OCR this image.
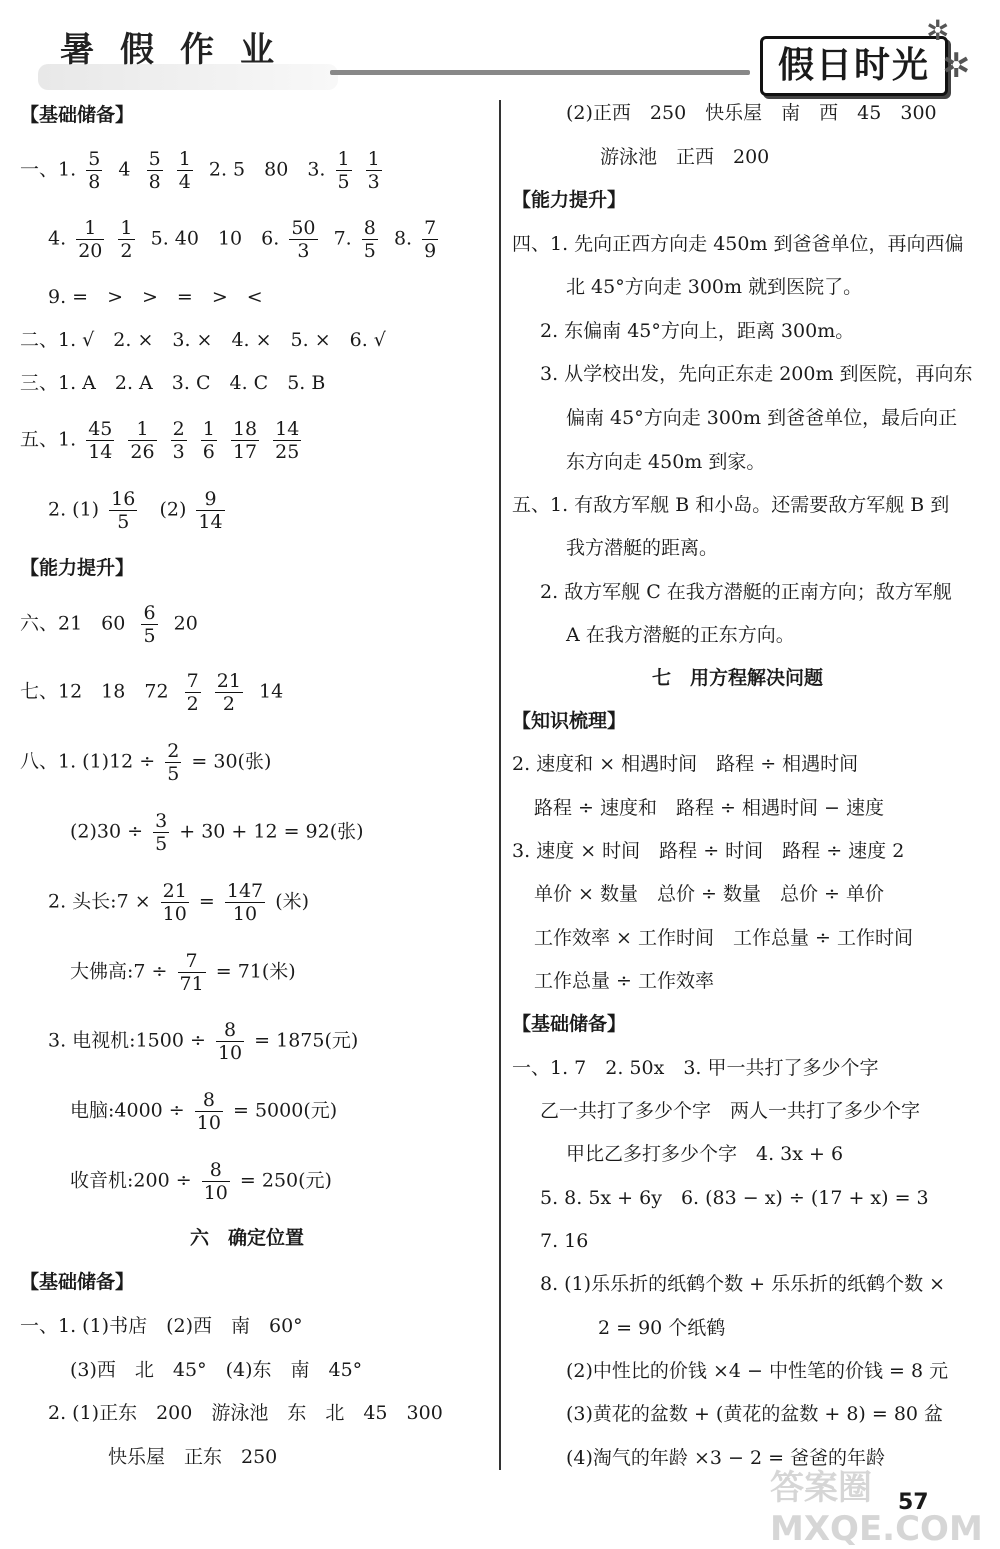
暑假作业	假日时光
✲
✲
【基础储备】
一、1. $\frac{5}{8} 4 \frac{5}{8}$
$\frac{1}{4} 2$. 5　80　3. $\frac{1}{5}$
$\frac{1}{3}$
4. $\frac{1}{20}$
$\frac{1}{2} 5$. 40　10　6. $\frac{50}{3} 7$. $\frac{8}{5} 8$. $\frac{7}{9}$
9. =　>　>　=　>　<
二、1. √　2. ×　3. ×　4. ×　5. ×　6. √
三、1. A　2. A　3. C　4. C　5. B
五、1. $\frac{45}{14}$
$\frac{1}{26}$
$\frac{2}{3}$
$\frac{1}{6}$
$\frac{18}{17}$
$\frac{14}{25}$
2. $(1) \frac{16}{5} (2) \frac{9}{14}$
【能力提升】
六、21　$60 \frac{6}{5} 20$
七、12　18　$72 \frac{7}{2}$
$\frac{21}{2} 14$
八、1. $(1)12 \div \frac{2}{5} = 30$(张)
$(2)30 \div \frac{3}{5} + 30 + 12 = 92$(张)
2. 头长:7 × $\frac{21}{10} = \frac{147}{10}$ (米)
大佛高:7 ÷ $\frac{7}{71} = 71$(米)
3. 电视机:1500 ÷ $\frac{8}{10} = 1875$(元)
电脑:4000 ÷ $\frac{8}{10} = 5000$(元)
收音机:200 ÷ $\frac{8}{10} = 250$(元)
六　确定位置
【基础储备】
一、1. (1)书店　(2)西　南　60°
(3)西　北　45°　(4)东　南　45°
2. (1)正东　200　游泳池　东　北　45　300
快乐屋　正东　250
(2)正西　250　快乐屋　南　西　45　300
游泳池　正西　200
【能力提升】
四、1. 先向正西方向走 450m 到爸爸单位，再向西偏
北 45°方向走 300m 就到医院了。
2. 东偏南 45°方向上，距离 300m。
3. 从学校出发，先向正东走 200m 到医院，再向东
偏南 45°方向走 300m 到爸爸单位，最后向正
东方向走 450m 到家。
五、1. 有敌方军舰 B 和小岛。还需要敌方军舰 B 到
我方潜艇的距离。
2. 敌方军舰 C 在我方潜艇的正南方向；敌方军舰
A 在我方潜艇的正东方向。
七　用方程解决问题
【知识梳理】
2. 速度和 × 相遇时间　路程 ÷ 相遇时间
路程 ÷ 速度和　路程 ÷ 相遇时间 − 速度
3. 速度 × 时间　路程 ÷ 时间　路程 ÷ 速度 2
单价 × 数量　总价 ÷ 数量　总价 ÷ 单价
工作效率 × 工作时间　工作总量 ÷ 工作时间
工作总量 ÷ 工作效率
【基础储备】
一、1. 7　2. 50x　3. 甲一共打了多少个字
乙一共打了多少个字　两人一共打了多少个字
甲比乙多打多少个字　4. 3x + 6
5. 8. 5x + 6y　6. (83 − x) ÷ (17 + x) = 3
7. 16
8. (1)乐乐折的纸鹤个数 + 乐乐折的纸鹤个数 ×
2 = 90 个纸鹤
(2)中性比的价钱 ×4 − 中性笔的价钱 = 8 元
(3)黄花的盆数 + (黄花的盆数 + 8) = 80 盆
(4)淘气的年龄 ×3 − 2 = 爸爸的年龄
答案圈 MXQE.COM
57
